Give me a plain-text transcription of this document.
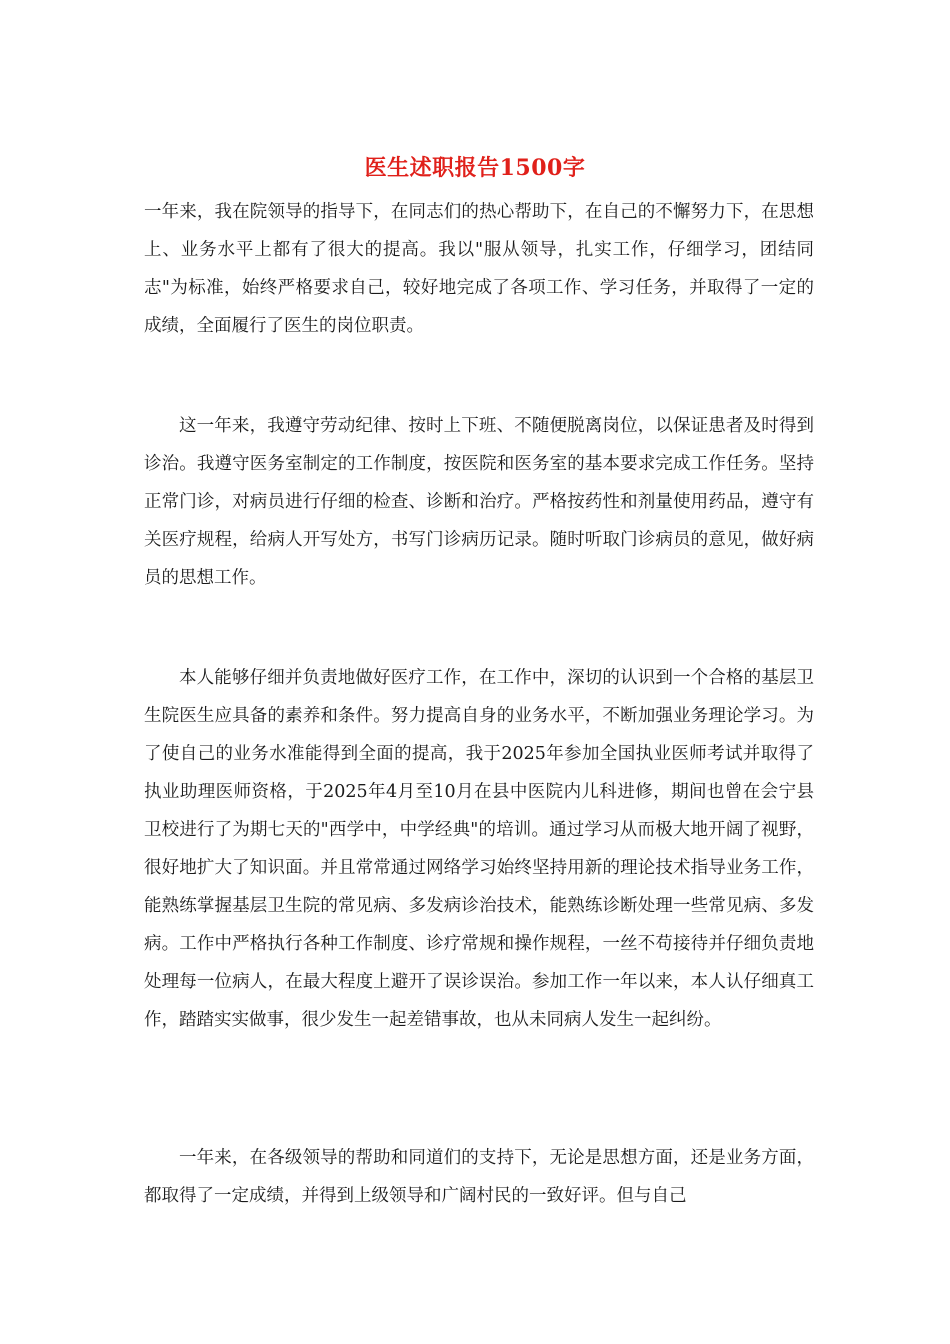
医生述职报告1500字

一年来，我在院领导的指导下，在同志们的热心帮助下，在自己的不懈努力下，在思想上、业务水平上都有了很大的提高。我以"服从领导，扎实工作，仔细学习，团结同志"为标准，始终严格要求自己，较好地完成了各项工作、学习任务，并取得了一定的成绩，全面履行了医生的岗位职责。

这一年来，我遵守劳动纪律、按时上下班、不随便脱离岗位，以保证患者及时得到诊治。我遵守医务室制定的工作制度，按医院和医务室的基本要求完成工作任务。坚持正常门诊，对病员进行仔细的检查、诊断和治疗。严格按药性和剂量使用药品，遵守有关医疗规程，给病人开写处方，书写门诊病历记录。随时听取门诊病员的意见，做好病员的思想工作。

本人能够仔细并负责地做好医疗工作，在工作中，深切的认识到一个合格的基层卫生院医生应具备的素养和条件。努力提高自身的业务水平，不断加强业务理论学习。为了使自己的业务水准能得到全面的提高，我于2025年参加全国执业医师考试并取得了执业助理医师资格，于2025年4月至10月在县中医院内儿科进修，期间也曾在会宁县卫校进行了为期七天的"西学中，中学经典"的培训。通过学习从而极大地开阔了视野，很好地扩大了知识面。并且常常通过网络学习始终坚持用新的理论技术指导业务工作，能熟练掌握基层卫生院的常见病、多发病诊治技术，能熟练诊断处理一些常见病、多发病。工作中严格执行各种工作制度、诊疗常规和操作规程，一丝不苟接待并仔细负责地处理每一位病人，在最大程度上避开了误诊误治。参加工作一年以来，本人认仔细真工作，踏踏实实做事，很少发生一起差错事故，也从未同病人发生一起纠纷。

一年来，在各级领导的帮助和同道们的支持下，无论是思想方面，还是业务方面，都取得了一定成绩，并得到上级领导和广阔村民的一致好评。但与自己
